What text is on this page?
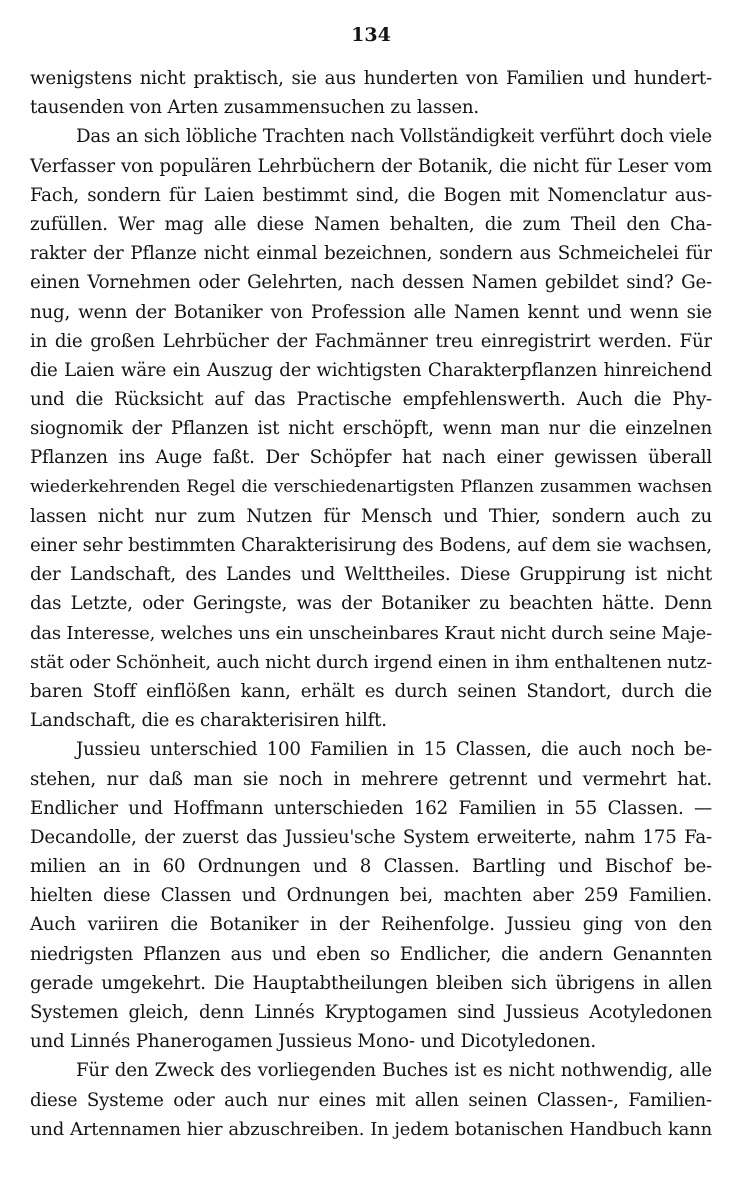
134
wenigstens nicht praktisch, sie aus hunderten von Familien und hundert-
tausenden von Arten zusammensuchen zu lassen.
Das an sich löbliche Trachten nach Vollständigkeit verführt doch viele
Verfasser von populären Lehrbüchern der Botanik, die nicht für Leser vom
Fach, sondern für Laien bestimmt sind, die Bogen mit Nomenclatur aus-
zufüllen. Wer mag alle diese Namen behalten, die zum Theil den Cha-
rakter der Pflanze nicht einmal bezeichnen, sondern aus Schmeichelei für
einen Vornehmen oder Gelehrten, nach dessen Namen gebildet sind? Ge-
nug, wenn der Botaniker von Profession alle Namen kennt und wenn sie
in die großen Lehrbücher der Fachmänner treu einregistrirt werden. Für
die Laien wäre ein Auszug der wichtigsten Charakterpflanzen hinreichend
und die Rücksicht auf das Practische empfehlenswerth. Auch die Phy-
siognomik der Pflanzen ist nicht erschöpft, wenn man nur die einzelnen
Pflanzen ins Auge faßt. Der Schöpfer hat nach einer gewissen überall
wiederkehrenden Regel die verschiedenartigsten Pflanzen zusammen wachsen
lassen nicht nur zum Nutzen für Mensch und Thier, sondern auch zu
einer sehr bestimmten Charakterisirung des Bodens, auf dem sie wachsen,
der Landschaft, des Landes und Welttheiles. Diese Gruppirung ist nicht
das Letzte, oder Geringste, was der Botaniker zu beachten hätte. Denn
das Interesse, welches uns ein unscheinbares Kraut nicht durch seine Maje-
stät oder Schönheit, auch nicht durch irgend einen in ihm enthaltenen nutz-
baren Stoff einflößen kann, erhält es durch seinen Standort, durch die
Landschaft, die es charakterisiren hilft.
Jussieu unterschied 100 Familien in 15 Classen, die auch noch be-
stehen, nur daß man sie noch in mehrere getrennt und vermehrt hat.
Endlicher und Hoffmann unterschieden 162 Familien in 55 Classen. —
Decandolle, der zuerst das Jussieu'sche System erweiterte, nahm 175 Fa-
milien an in 60 Ordnungen und 8 Classen. Bartling und Bischof be-
hielten diese Classen und Ordnungen bei, machten aber 259 Familien.
Auch variiren die Botaniker in der Reihenfolge. Jussieu ging von den
niedrigsten Pflanzen aus und eben so Endlicher, die andern Genannten
gerade umgekehrt. Die Hauptabtheilungen bleiben sich übrigens in allen
Systemen gleich, denn Linnés Kryptogamen sind Jussieus Acotyledonen
und Linnés Phanerogamen Jussieus Mono- und Dicotyledonen.
Für den Zweck des vorliegenden Buches ist es nicht nothwendig, alle
diese Systeme oder auch nur eines mit allen seinen Classen-, Familien-
und Artennamen hier abzuschreiben. In jedem botanischen Handbuch kann
